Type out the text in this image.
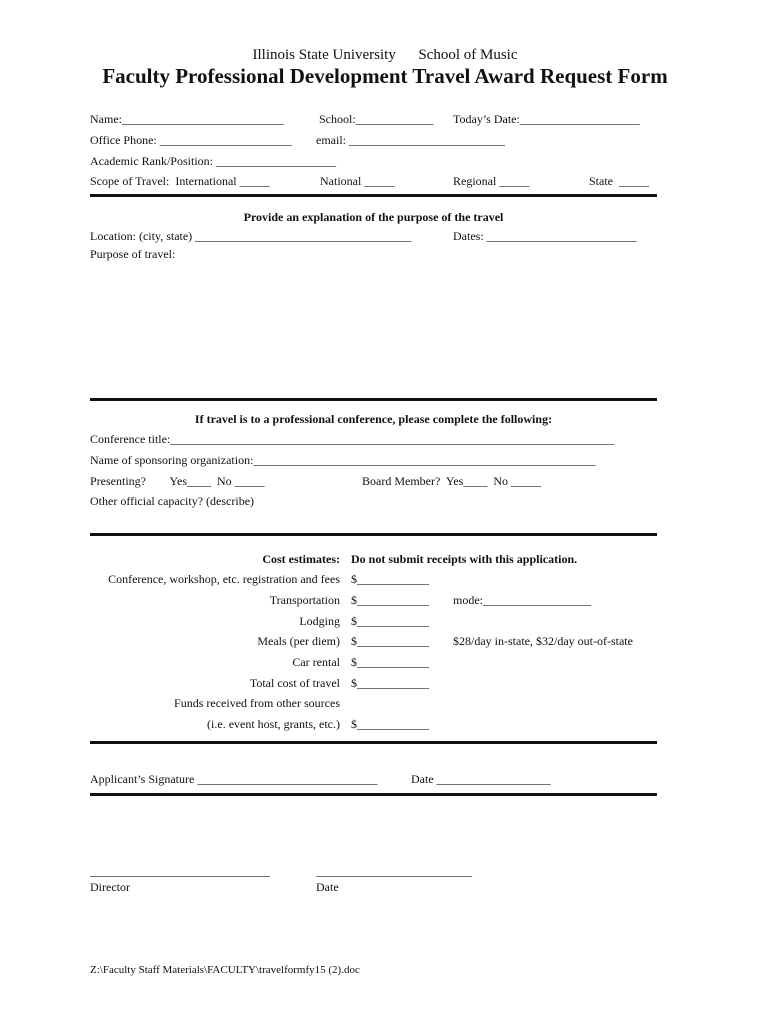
Illinois State University School of Music
Faculty Professional Development Travel Award Request Form
Name:___________________________	School:_____________ Today’s Date:____________________
Office Phone: ______________________ email: __________________________
Academic Rank/Position: ____________________
Scope of Travel:  International _____	National _____	Regional _____	State  _____
Provide an explanation of the purpose of the travel
Location: (city, state) ____________________________________	Dates: _________________________
Purpose of travel:
If travel is to a professional conference, please complete the following:
Conference title:__________________________________________________________________________
Name of sponsoring organization:_________________________________________________________
Presenting?        Yes____  No _____	Board Member?  Yes____  No _____
Other official capacity? (describe)
Cost estimates: Do not submit receipts with this application.
Conference, workshop, etc. registration and fees $____________
Transportation $____________ mode:__________________
Lodging $____________
Meals (per diem) $____________ $28/day in-state, $32/day out-of-state
Car rental $____________
Total cost of travel $____________
Funds received from other sources
(i.e. event host, grants, etc.) $____________
Applicant’s Signature ______________________________	Date ___________________
______________________________	__________________________
Director	Date
Z:\Faculty Staff Materials\FACULTY\travelformfy15 (2).doc
